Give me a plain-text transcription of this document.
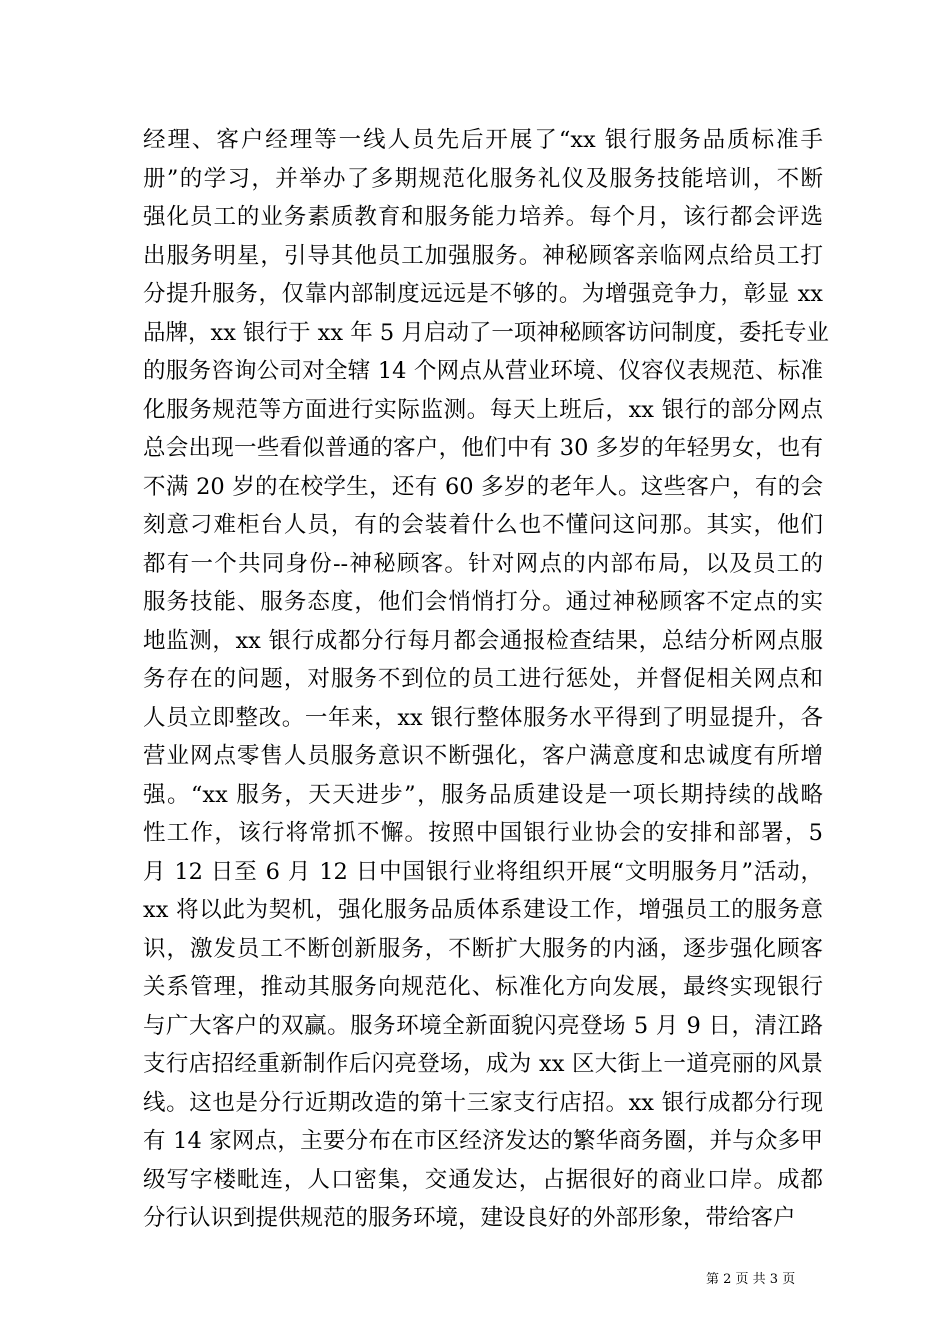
经理、客户经理等一线人员先后开展了“xx 银行服务品质标准手
册”的学习，并举办了多期规范化服务礼仪及服务技能培训，不断
强化员工的业务素质教育和服务能力培养。每个月，该行都会评选
出服务明星，引导其他员工加强服务。神秘顾客亲临网点给员工打
分提升服务，仅靠内部制度远远是不够的。为增强竞争力，彰显 xx
品牌，xx 银行于 xx 年 5 月启动了一项神秘顾客访问制度，委托专业
的服务咨询公司对全辖 14 个网点从营业环境、仪容仪表规范、标准
化服务规范等方面进行实际监测。每天上班后，xx 银行的部分网点
总会出现一些看似普通的客户，他们中有 30 多岁的年轻男女，也有
不满 20 岁的在校学生，还有 60 多岁的老年人。这些客户，有的会
刻意刁难柜台人员，有的会装着什么也不懂问这问那。其实，他们
都有一个共同身份--神秘顾客。针对网点的内部布局，以及员工的
服务技能、服务态度，他们会悄悄打分。通过神秘顾客不定点的实
地监测，xx 银行成都分行每月都会通报检查结果，总结分析网点服
务存在的问题，对服务不到位的员工进行惩处，并督促相关网点和
人员立即整改。一年来，xx 银行整体服务水平得到了明显提升，各
营业网点零售人员服务意识不断强化，客户满意度和忠诚度有所增
强。“xx 服务，天天进步”，服务品质建设是一项长期持续的战略
性工作，该行将常抓不懈。按照中国银行业协会的安排和部署，5
月 12 日至 6 月 12 日中国银行业将组织开展“文明服务月”活动，
xx 将以此为契机，强化服务品质体系建设工作，增强员工的服务意
识，激发员工不断创新服务，不断扩大服务的内涵，逐步强化顾客
关系管理，推动其服务向规范化、标准化方向发展，最终实现银行
与广大客户的双赢。服务环境全新面貌闪亮登场 5 月 9 日，清江路
支行店招经重新制作后闪亮登场，成为 xx 区大街上一道亮丽的风景
线。这也是分行近期改造的第十三家支行店招。xx 银行成都分行现
有 14 家网点，主要分布在市区经济发达的繁华商务圈，并与众多甲
级写字楼毗连，人口密集，交通发达，占据很好的商业口岸。成都
分行认识到提供规范的服务环境，建设良好的外部形象，带给客户
第 2 页 共 3 页
